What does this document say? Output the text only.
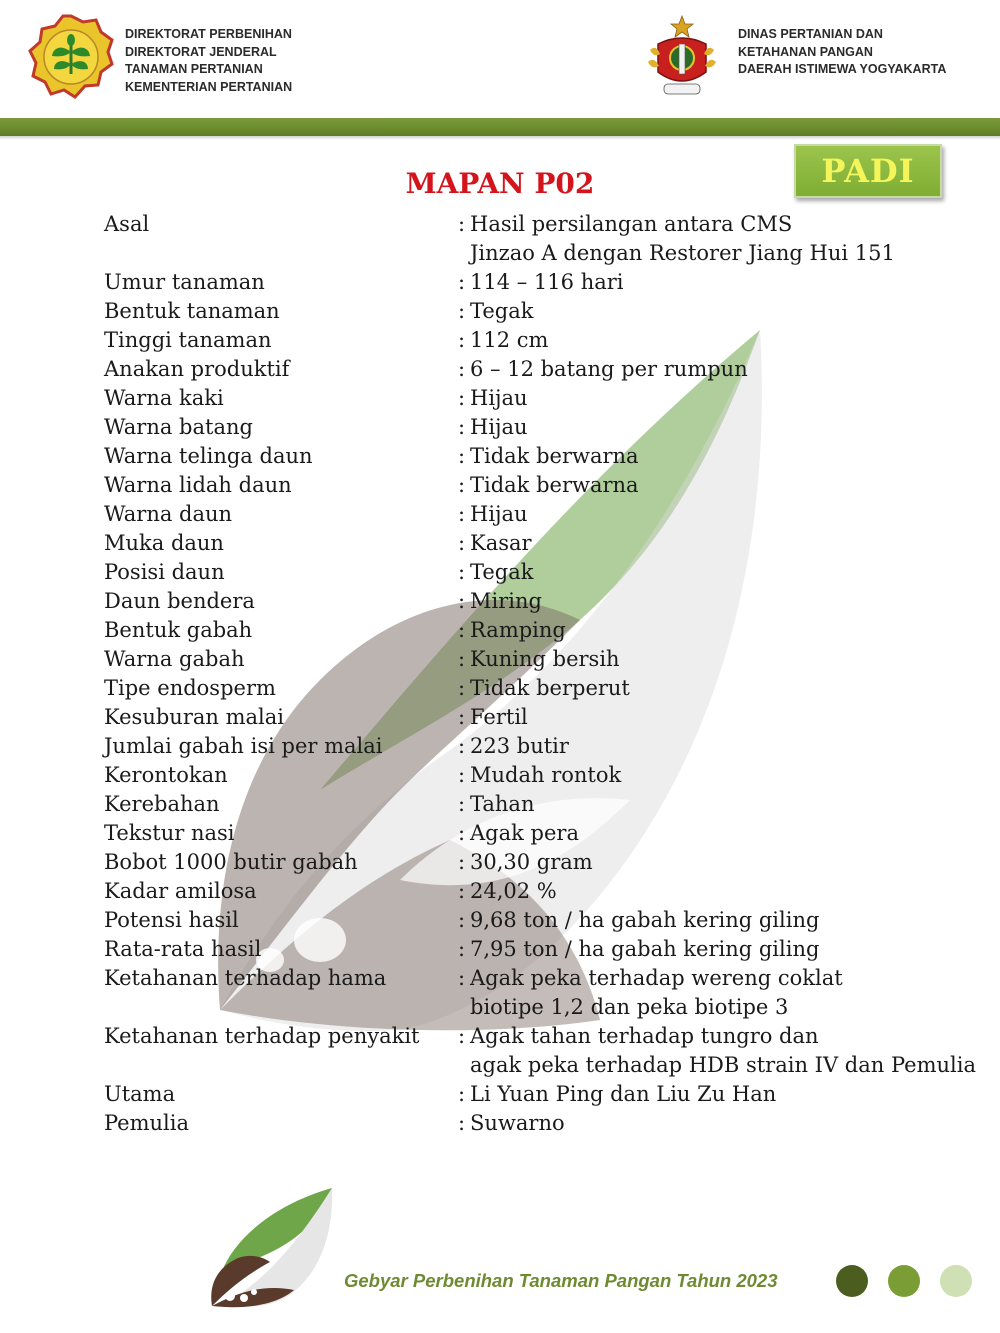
DIREKTORAT PERBENIHAN
DIREKTORAT JENDERAL
TANAMAN PERTANIAN
KEMENTERIAN PERTANIAN
DINAS PERTANIAN DAN
KETAHANAN PANGAN
DAERAH ISTIMEWA YOGYAKARTA
PADI
MAPAN P02
Asal	: Hasil persilangan antara CMS
Jinzao A dengan Restorer Jiang Hui 151
Umur tanaman	: 114 – 116 hari
Bentuk tanaman	: Tegak
Tinggi tanaman	: 112 cm
Anakan produktif	: 6 – 12 batang per rumpun
Warna kaki	: Hijau
Warna batang	: Hijau
Warna telinga daun	: Tidak berwarna
Warna lidah daun	: Tidak berwarna
Warna daun	: Hijau
Muka daun	: Kasar
Posisi daun	: Tegak
Daun bendera	: Miring
Bentuk gabah	: Ramping
Warna gabah	: Kuning bersih
Tipe endosperm	: Tidak berperut
Kesuburan malai	: Fertil
Jumlai gabah isi per malai	: 223 butir
Kerontokan	: Mudah rontok
Kerebahan	: Tahan
Tekstur nasi	: Agak pera
Bobot 1000 butir gabah	: 30,30 gram
Kadar amilosa	: 24,02 %
Potensi hasil	: 9,68 ton / ha gabah kering giling
Rata-rata hasil	: 7,95 ton / ha gabah kering giling
Ketahanan terhadap hama	: Agak peka terhadap wereng coklat
biotipe 1,2 dan peka biotipe 3
Ketahanan terhadap penyakit : Agak tahan terhadap tungro dan
agak peka terhadap HDB strain IV dan Pemulia
Utama	: Li Yuan Ping dan Liu Zu Han
Pemulia	: Suwarno
Gebyar Perbenihan Tanaman Pangan Tahun 2023
